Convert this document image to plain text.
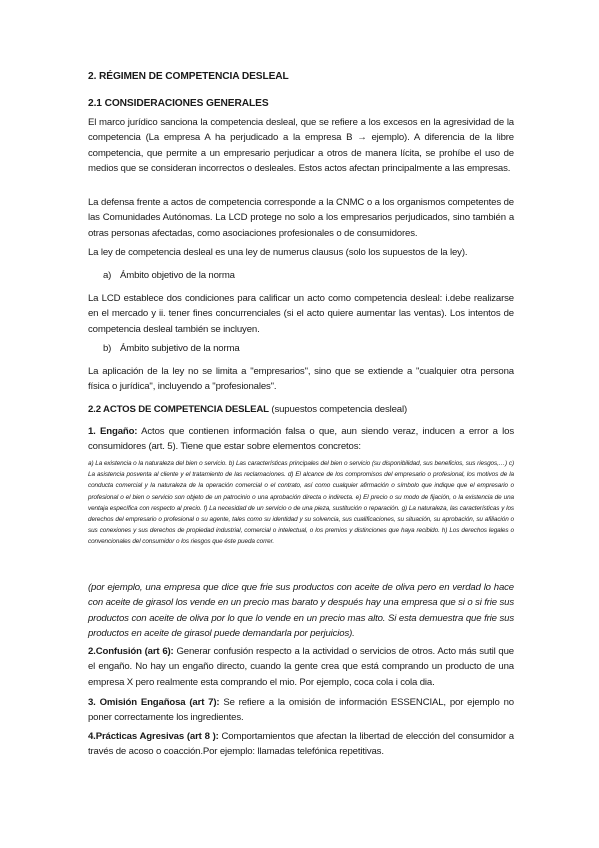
2. RÉGIMEN DE COMPETENCIA DESLEAL
2.1 CONSIDERACIONES GENERALES

El marco jurídico sanciona la competencia desleal, que se refiere a los excesos en la agresividad de la competencia (La empresa A ha perjudicado a la empresa B → ejemplo). A diferencia de la libre competencia, que permite a un empresario perjudicar a otros de manera lícita, se prohíbe el uso de medios que se consideran incorrectos o desleales. Estos actos afectan principalmente a las empresas.

La defensa frente a actos de competencia corresponde a la CNMC o a los organismos competentes de las Comunidades Autónomas. La LCD protege no solo a los empresarios perjudicados, sino también a otras personas afectadas, como asociaciones profesionales o de consumidores.

La ley de competencia desleal es una ley de numerus clausus (solo los supuestos de la ley).

a) Ámbito objetivo de la norma

La LCD establece dos condiciones para calificar un acto como competencia desleal: i.debe realizarse en el mercado y ii. tener fines concurrenciales (si el acto quiere aumentar las ventas). Los intentos de competencia desleal también se incluyen.

b) Ámbito subjetivo de la norma

La aplicación de la ley no se limita a "empresarios", sino que se extiende a "cualquier otra persona física o jurídica", incluyendo a "profesionales".

2.2 ACTOS DE COMPETENCIA DESLEAL (supuestos competencia desleal)

1. Engaño: Actos que contienen información falsa o que, aun siendo veraz, inducen a error a los consumidores (art. 5). Tiene que estar sobre elementos concretos:

a) La existencia o la naturaleza del bien o servicio. b) Las características principales del bien o servicio (su disponibilidad, sus beneficios, sus riesgos,…) c) La asistencia posventa al cliente y el tratamiento de las reclamaciones. d) El alcance de los compromisos del empresario o profesional, los motivos de la conducta comercial y la naturaleza de la operación comercial o el contrato, así como cualquier afirmación o símbolo que indique que el empresario o profesional o el bien o servicio son objeto de un patrocinio o una aprobación directa o indirecta. e) El precio o su modo de fijación, o la existencia de una ventaja específica con respecto al precio. f) La necesidad de un servicio o de una pieza, sustitución o reparación. g) La naturaleza, las características y los derechos del empresario o profesional o su agente, tales como su identidad y su solvencia, sus cualificaciones, su situación, su aprobación, su afiliación o sus conexiones y sus derechos de propiedad industrial, comercial o intelectual, o los premios y distinciones que haya recibido. h) Los derechos legales o convencionales del consumidor o los riesgos que éste pueda correr.

(por ejemplo, una empresa que dice que frie sus productos con aceite de oliva pero en verdad lo hace con aceite de girasol los vende en un precio mas barato y después hay una empresa que si o si frie sus productos con aceite de oliva por lo que lo vende en un precio mas alto. Si esta demuestra que frie sus productos en aceite de girasol puede demandarla por perjuicios).

2.Confusión (art 6): Generar confusión respecto a la actividad o servicios de otros. Acto más sutil que el engaño. No hay un engaño directo, cuando la gente crea que está comprando un producto de una empresa X pero realmente esta comprando el mio. Por ejemplo, coca cola i cola dia.

3. Omisión Engañosa (art 7): Se refiere a la omisión de información ESSENCIAL, por ejemplo no poner correctamente los ingredientes.

4.Prácticas Agresivas (art 8 ): Comportamientos que afectan la libertad de elección del consumidor a través de acoso o coacción.Por ejemplo: llamadas telefónica repetitivas.
